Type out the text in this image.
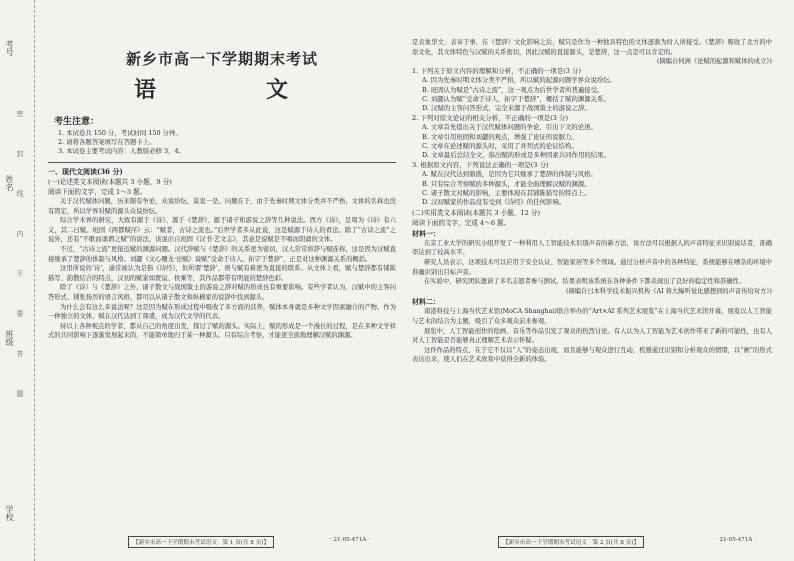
考号
姓名
班级
学校
密
封
线
内
不
要
答
题
新乡市高一下学期期末考试
语　　文
考生注意：
1. 本试卷共 150 分，考试时间 150 分钟。
2. 请将各题答案填写在答题卡上。
3. 本试卷主要考试内容：人教版必修 3、4。
一、现代文阅读(36 分)
(一)论述类文本阅读(本题共 3 小题，9 分)
阅读下面的文字，完成 1～3 题。

关于汉代赋体问题，历来颇有争论，众说纷纭，莫衷一是。问题在于，由于先秦时期文体分类并不严格，文体的名称也没有固定，所以学界对赋的源头众说纷纭。

综合学术界的研究，大致有源于《诗》、源于《楚辞》、源于诸子和游说之辞等几种说法。西方《诗》，是周为《诗》有六义，其二曰赋。班固《两都赋序》云：“赋者，古诗之流也。”后世学者多从此说，这是赋源于诗人的看法。除了“古诗之流”之说外，还有“不歌而诵谓之赋”的说法，该说出自班固《汉书·艺文志》，其意是说赋是不唱而朗诵的文体。

不过，“古诗之流”更接近赋的渊源问题。汉代辞赋与《楚辞》的关系更为密切，汉人常常将辞与赋连称，这是因为汉赋直接继承了楚辞的体制与风格。刘勰《文心雕龙·诠赋》说赋“受命于诗人，拓宇于楚辞”，正是对这种渊源关系的概括。

这里所说的‘诗’，通常被认为是指《诗经》，但所谓‘楚辞’，则与赋有着更为直接的联系。从文体上看，赋与楚辞都有铺陈描写、韵散结合的特点，汉初的赋家如贾谊、枚乘等，其作品都带有明显的楚辞色彩。

除了《诗》与《楚辞》之外，诸子散文与战国策士的游说之辞对赋的形成也有重要影响。有些学者认为，汉赋中的主客问答形式、铺张扬厉的语言风格，都可以从诸子散文和纵横家的说辞中找到源头。

为什么会有这么多说法呢？这是因为赋在形成过程中吸收了多方面的营养，赋体本身就是多种文学因素融合的产物。作为一种独立的文体，赋在汉代达到了鼎盛，成为汉代文学的代表。

持以上各种观点的学者，都从自己的角度出发，探讨了赋的源头。实际上，赋的形成是一个漫长的过程，是在多种文学样式的共同影响下逐渐发展起来的，不能简单地归于某一种源头。只有综合考察，才能更全面地理解汉赋的渊源。

是表象华文、表寄于事，在《楚辞》文化影响之后，赋只是作为一种独具特色的文体逐渐为时人所接受。《楚辞》吸收了北方的中原文化，其文体特色与汉赋的关系密切，因此汉赋的直接源头，是楚辞，这一点是可以肯定的。

(摘编自何洲《论赋的起源和赋体的成立》)

1. 下列关于原文内容的理解和分析，不正确的一项是(3 分)

A. 因为先秦时期文体分类不严格，所以赋的起源问题学界众说纷纭。

B. 班固认为赋是“古诗之流”，这一观点为后世学者所普遍接受。

C. 刘勰认为赋“受命于诗人，拓宇于楚辞”，概括了赋的渊源关系。

D. 汉赋的主客问答形式，完全来源于战国策士的游说之辞。

2. 下列对原文论证的相关分析，不正确的一项是(3 分)

A. 文章首先提出关于汉代赋体问题的争论，引出下文的论述。

B. 文章引用班固和刘勰的观点，增强了论证的说服力。

C. 文章在论述赋的源头时，采用了并列式的论证结构。

D. 文章最后总结全文，指出赋的形成是多种因素共同作用的结果。

3. 根据原文内容，下列说法正确的一项是(3 分)

A. 赋在汉代达到鼎盛，是因为它只继承了楚辞的体制与风格。

B. 只有综合考察赋的多种源头，才能全面理解汉赋的渊源。

C. 诸子散文对赋的影响，主要体现在其铺陈描写的特点上。

D. 汉初赋家的作品没有受到《诗经》的任何影响。

(二)实用类文本阅读(本题共 3 小题，12 分)
阅读下面的文字，完成 4～6 题。
材料一：

东京工业大学的研究小组开发了一种利用人工智能技术识别声音的新方法，该方法可以根据人的声音特征来识别说话者，准确率达到了较高水平。

研究人员表示，这项技术可以应用于安全认证、智能家居等多个领域。通过分析声音中的各种特征，系统能够在嘈杂的环境中准确识别出目标声音。

在实验中，研究团队邀请了多名志愿者参与测试，结果表明该系统在各种条件下都表现出了良好的稳定性和准确性。

(摘编自日本科学技术振兴机构《AI 将大幅听觉化感想到的声音传给对方》)
材料二：

南港科技与上海当代艺术馆(MoCA Shanghai)联合举办的“Art×AI 系列艺术展览”在上海当代艺术馆开幕，展览以人工智能与艺术的结合为主题，吸引了众多观众前来参观。

展览中，人工智能创作的绘画、音乐等作品引发了观众的热烈讨论。有人认为人工智能为艺术创作带来了新的可能性，也有人对人工智能是否能够真正理解艺术表示怀疑。

这件作品的特点，在于它不仅以“人”的姿态出现，而且能够与观众进行互动，机器通过识别和分析观众的情绪，以“画”的形式表达出来，使人们在艺术欣赏中获得全新的体验。

【新乡市高一下学期期末考试语文　第 1 页(共 8 页)】	· 21-05-471A ·	【新乡市高一下学期期末考试语文　第 2 页(共 8 页)】	· 21-05-471A ·
